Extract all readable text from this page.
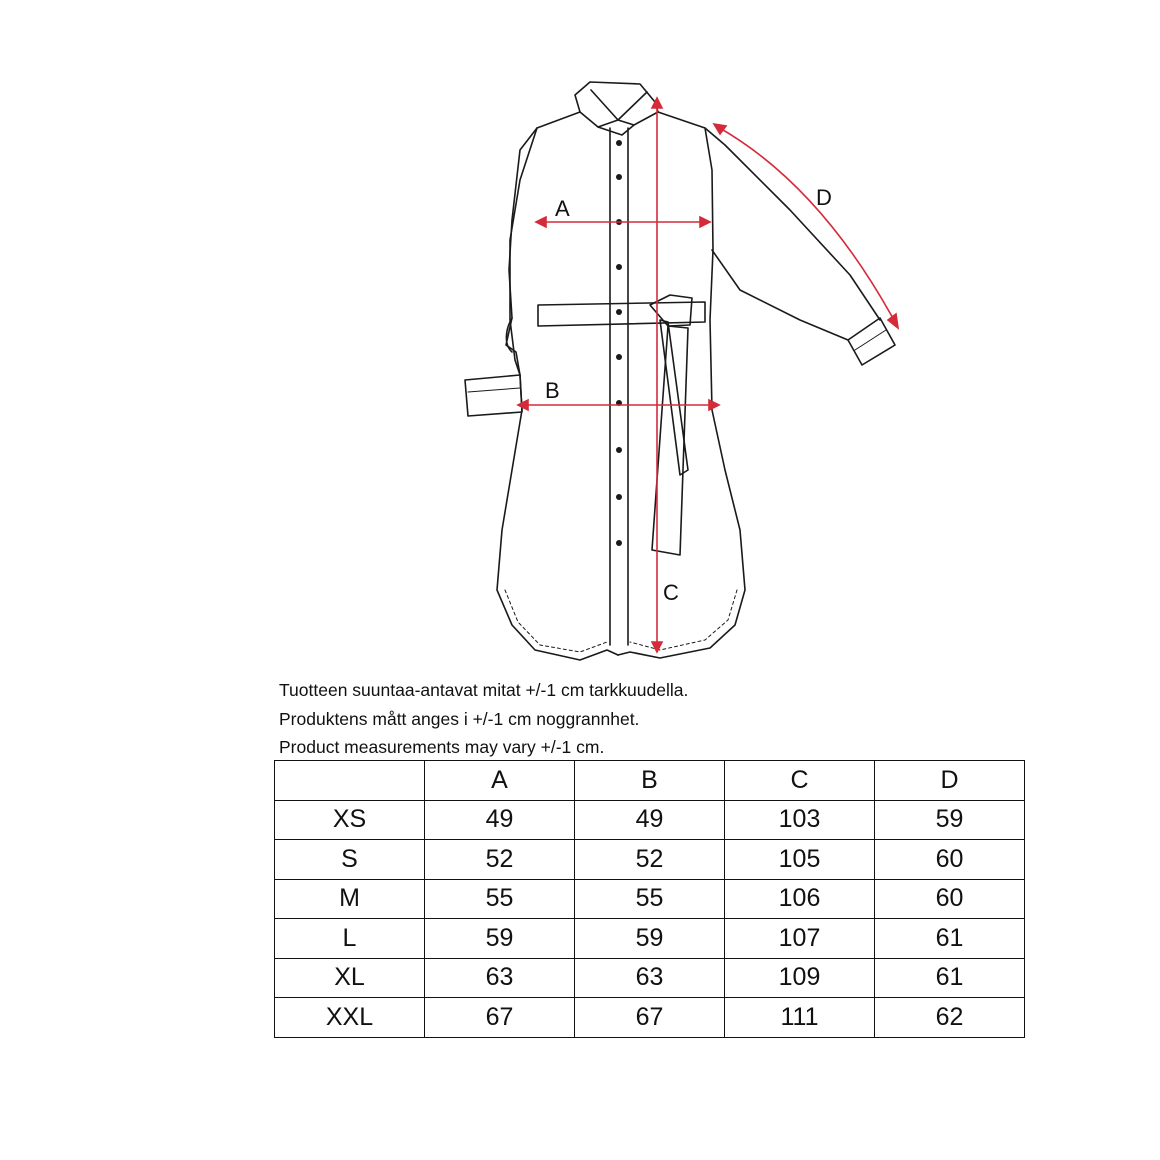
A
B
C
D
Tuotteen suuntaa-antavat mitat +/-1 cm tarkkuudella.
Produktens mått anges i +/-1 cm noggrannhet.
Product measurements may vary +/-1 cm.
	A	B	C	D
XS	49	49	103	59
S	52	52	105	60
M	55	55	106	60
L	59	59	107	61
XL	63	63	109	61
XXL	67	67	111	62
